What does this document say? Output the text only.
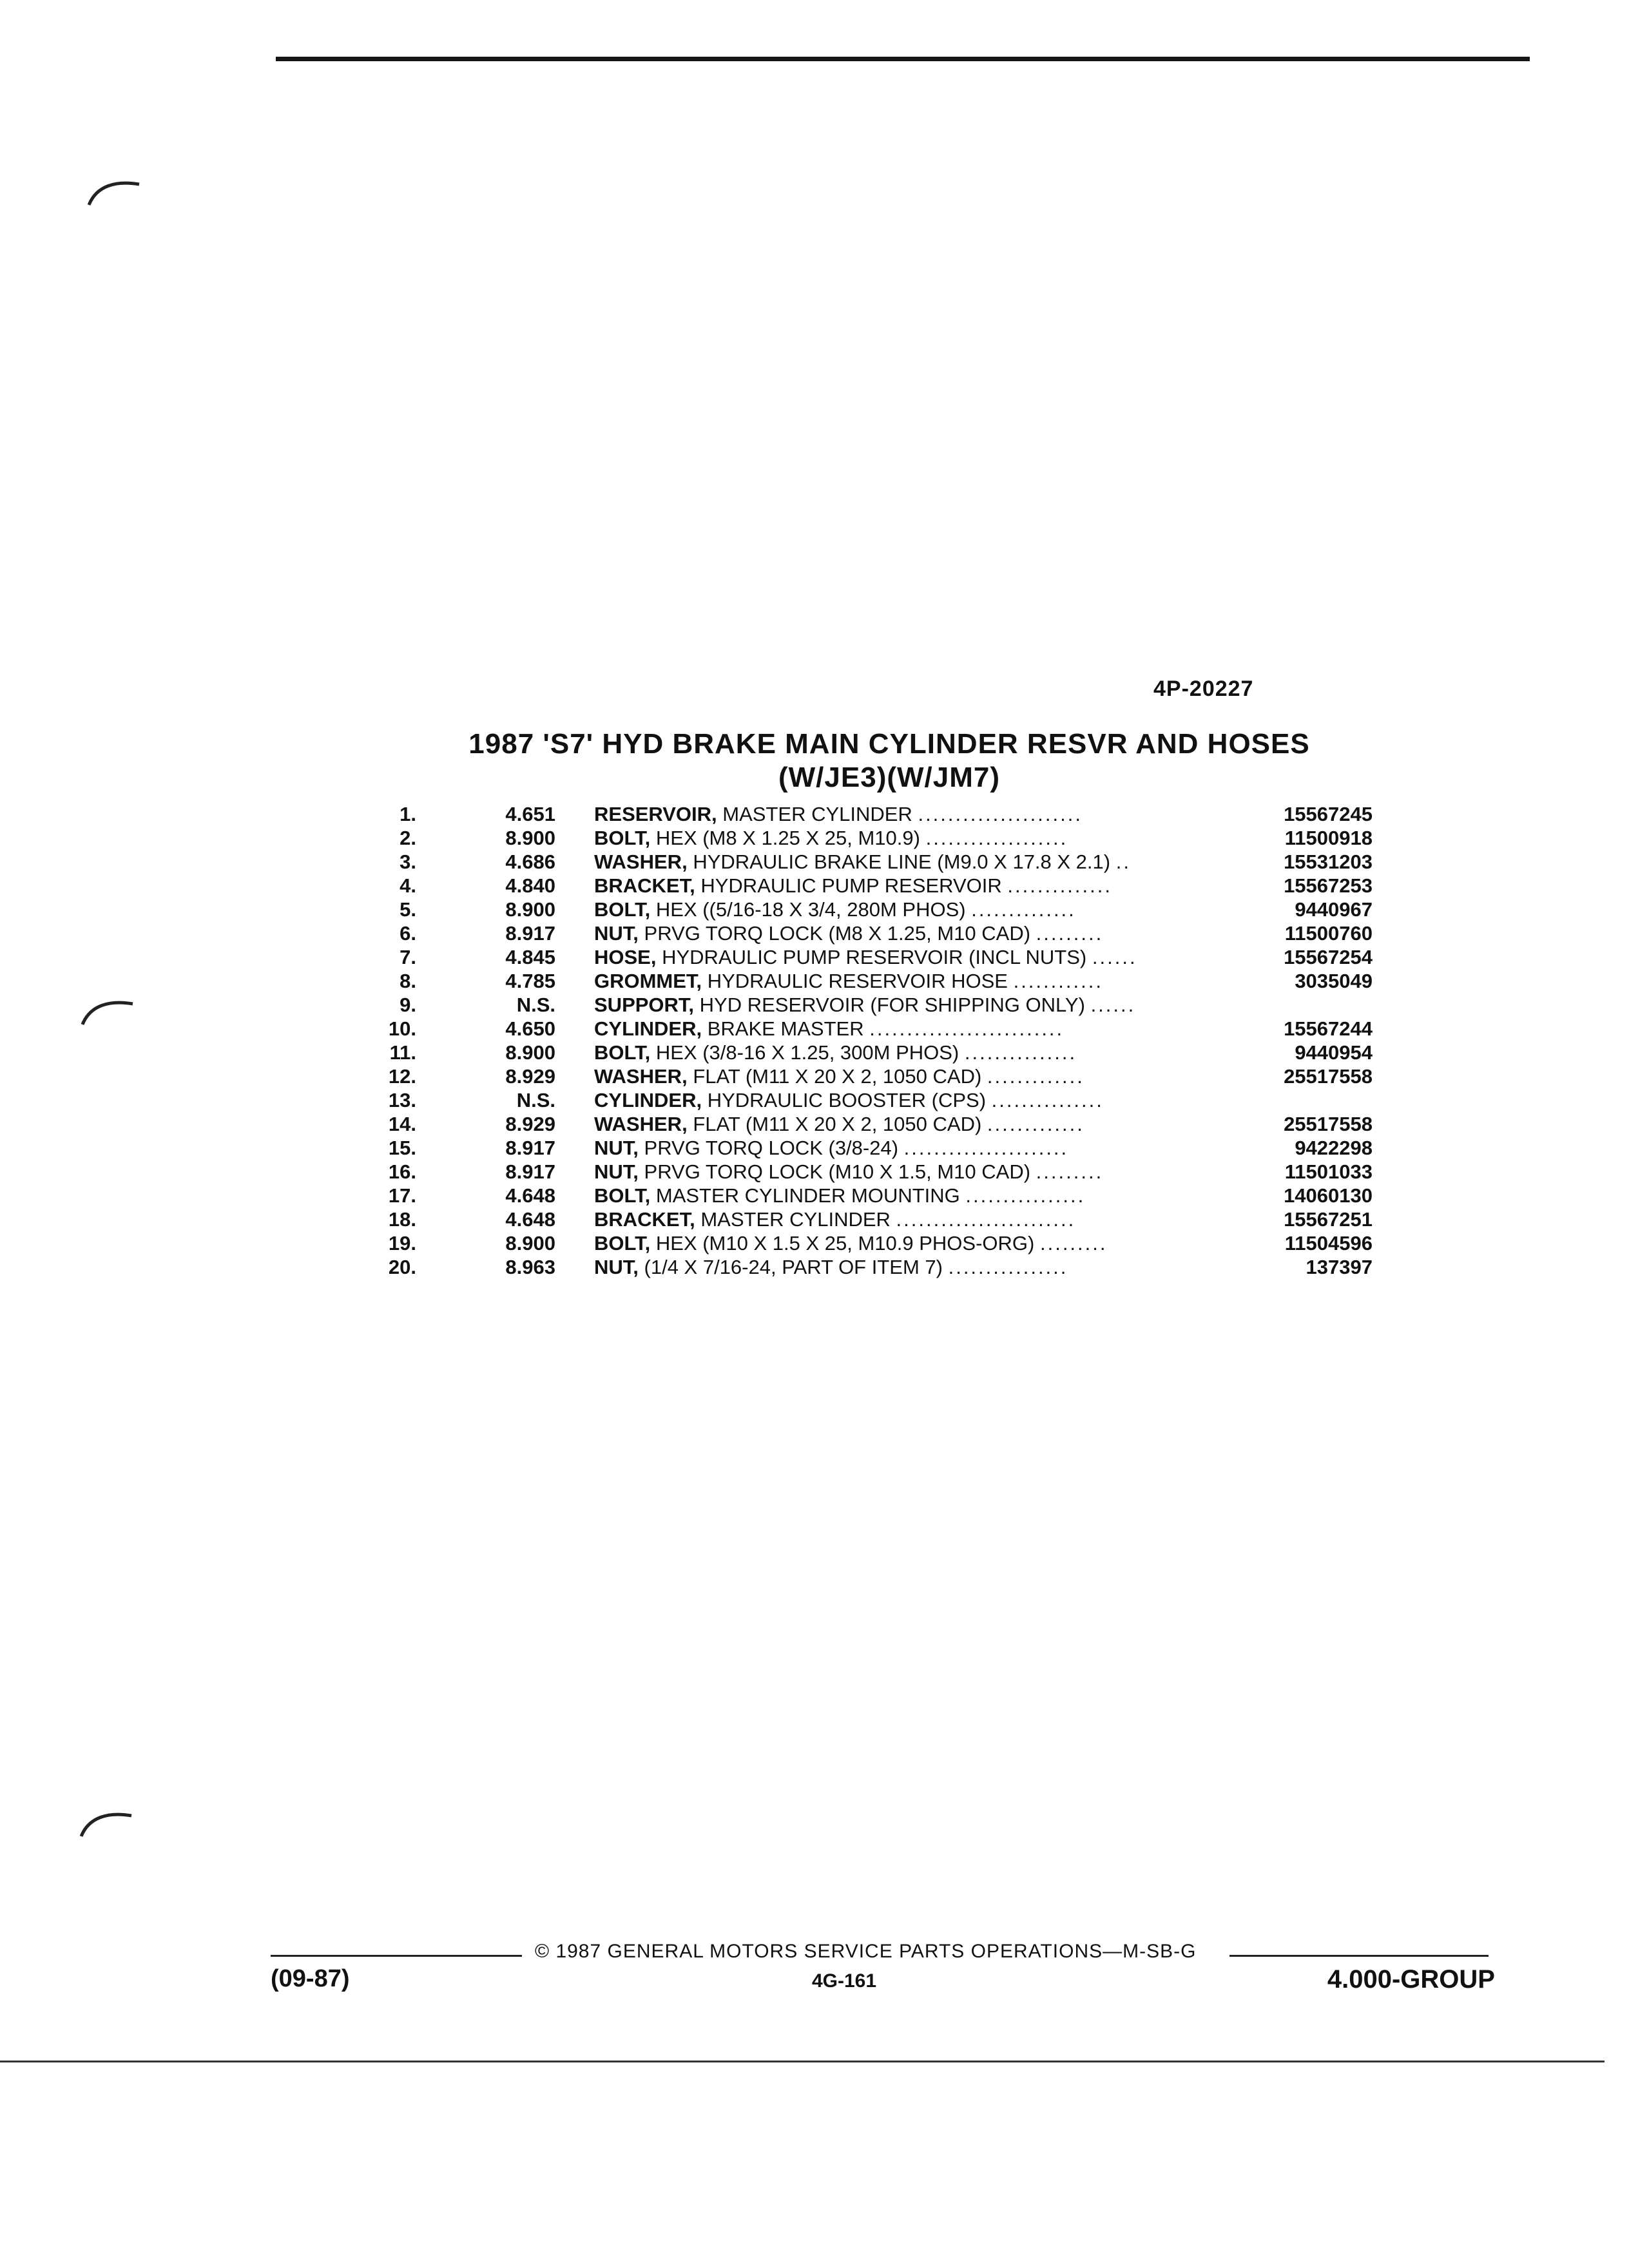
4P-20227
1987 'S7' HYD BRAKE MAIN CYLINDER RESVR AND HOSES
(W/JE3)(W/JM7)
1.	4.651		RESERVOIR, MASTER CYLINDER ......................	15567245
2.	8.900		BOLT, HEX (M8 X 1.25 X 25, M10.9) ...................	11500918
3.	4.686		WASHER, HYDRAULIC BRAKE LINE (M9.0 X 17.8 X 2.1) ..	15531203
4.	4.840		BRACKET, HYDRAULIC PUMP RESERVOIR ..............	15567253
5.	8.900		BOLT, HEX ((5/16-18 X 3/4, 280M PHOS) ..............	9440967
6.	8.917		NUT, PRVG TORQ LOCK (M8 X 1.25, M10 CAD) .........	11500760
7.	4.845		HOSE, HYDRAULIC PUMP RESERVOIR (INCL NUTS) ......	15567254
8.	4.785		GROMMET, HYDRAULIC RESERVOIR HOSE ............	3035049
9.	N.S.		SUPPORT, HYD RESERVOIR (FOR SHIPPING ONLY) ......	
10.	4.650		CYLINDER, BRAKE MASTER ..........................	15567244
11.	8.900		BOLT, HEX (3/8-16 X 1.25, 300M PHOS) ...............	9440954
12.	8.929		WASHER, FLAT (M11 X 20 X 2, 1050 CAD) .............	25517558
13.	N.S.		CYLINDER, HYDRAULIC BOOSTER (CPS) ...............	
14.	8.929		WASHER, FLAT (M11 X 20 X 2, 1050 CAD) .............	25517558
15.	8.917		NUT, PRVG TORQ LOCK (3/8-24) ......................	9422298
16.	8.917		NUT, PRVG TORQ LOCK (M10 X 1.5, M10 CAD) .........	11501033
17.	4.648		BOLT, MASTER CYLINDER MOUNTING ................	14060130
18.	4.648		BRACKET, MASTER CYLINDER ........................	15567251
19.	8.900		BOLT, HEX (M10 X 1.5 X 25, M10.9 PHOS-ORG) .........	11504596
20.	8.963		NUT, (1/4 X 7/16-24, PART OF ITEM 7) ................	137397
© 1987 GENERAL MOTORS SERVICE PARTS OPERATIONS—M-SB-G
(09-87)	4G-161	4.000-GROUP
